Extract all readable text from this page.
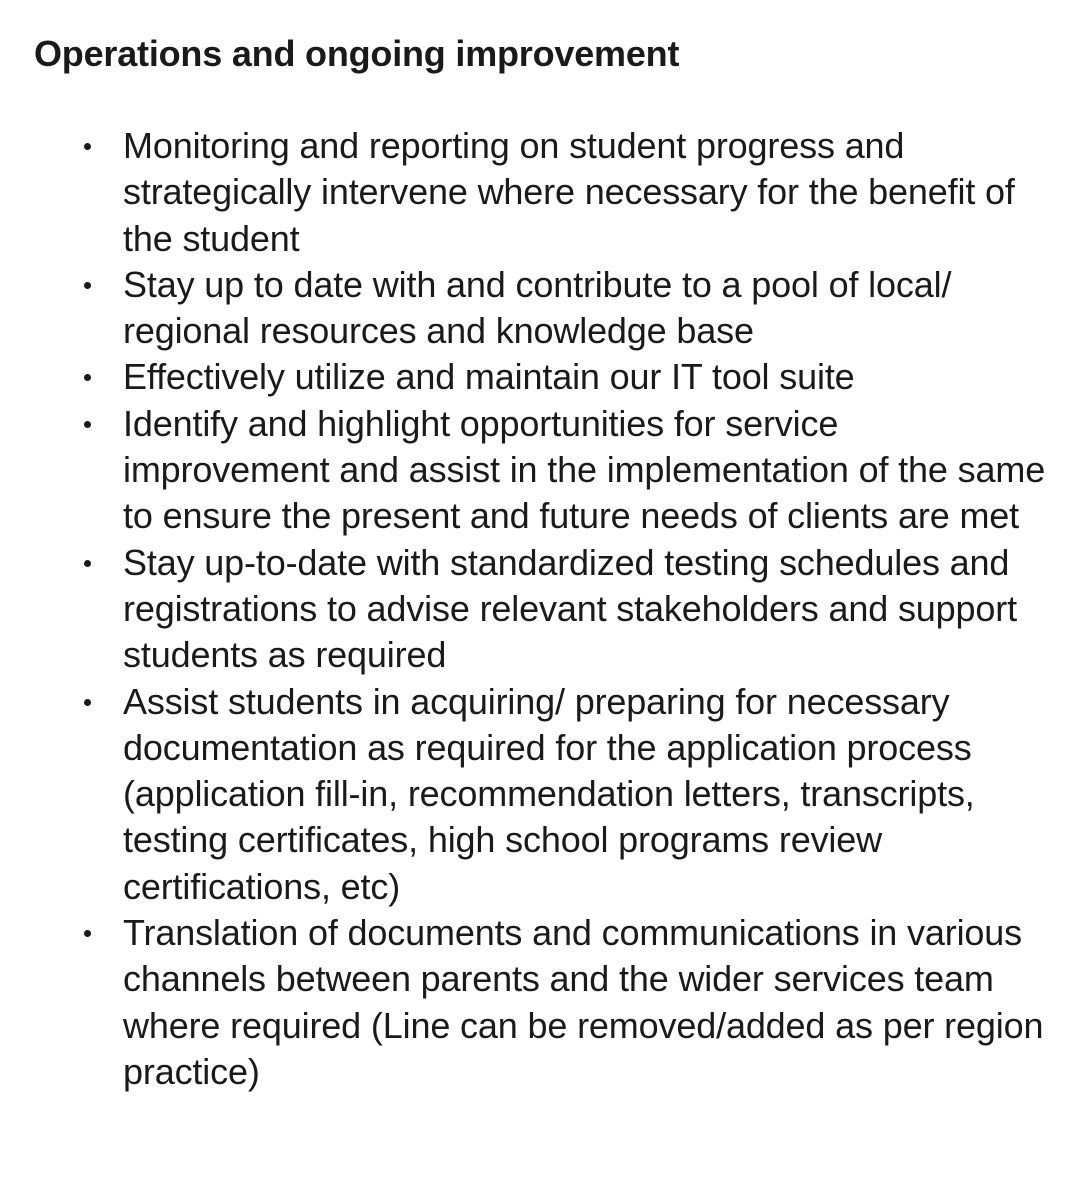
Operations and ongoing improvement
Monitoring and reporting on student progress and strategically intervene where necessary for the benefit of the student
Stay up to date with and contribute to a pool of local/ regional resources and knowledge base
Effectively utilize and maintain our IT tool suite
Identify and highlight opportunities for service improvement and assist in the implementation of the same to ensure the present and future needs of clients are met
Stay up-to-date with standardized testing schedules and registrations to advise relevant stakeholders and support students as required
Assist students in acquiring/ preparing for necessary documentation as required for the application process (application fill-in, recommendation letters, transcripts, testing certificates, high school programs review certifications, etc)
Translation of documents and communications in various channels between parents and the wider services team where required (Line can be removed/added as per region practice)
